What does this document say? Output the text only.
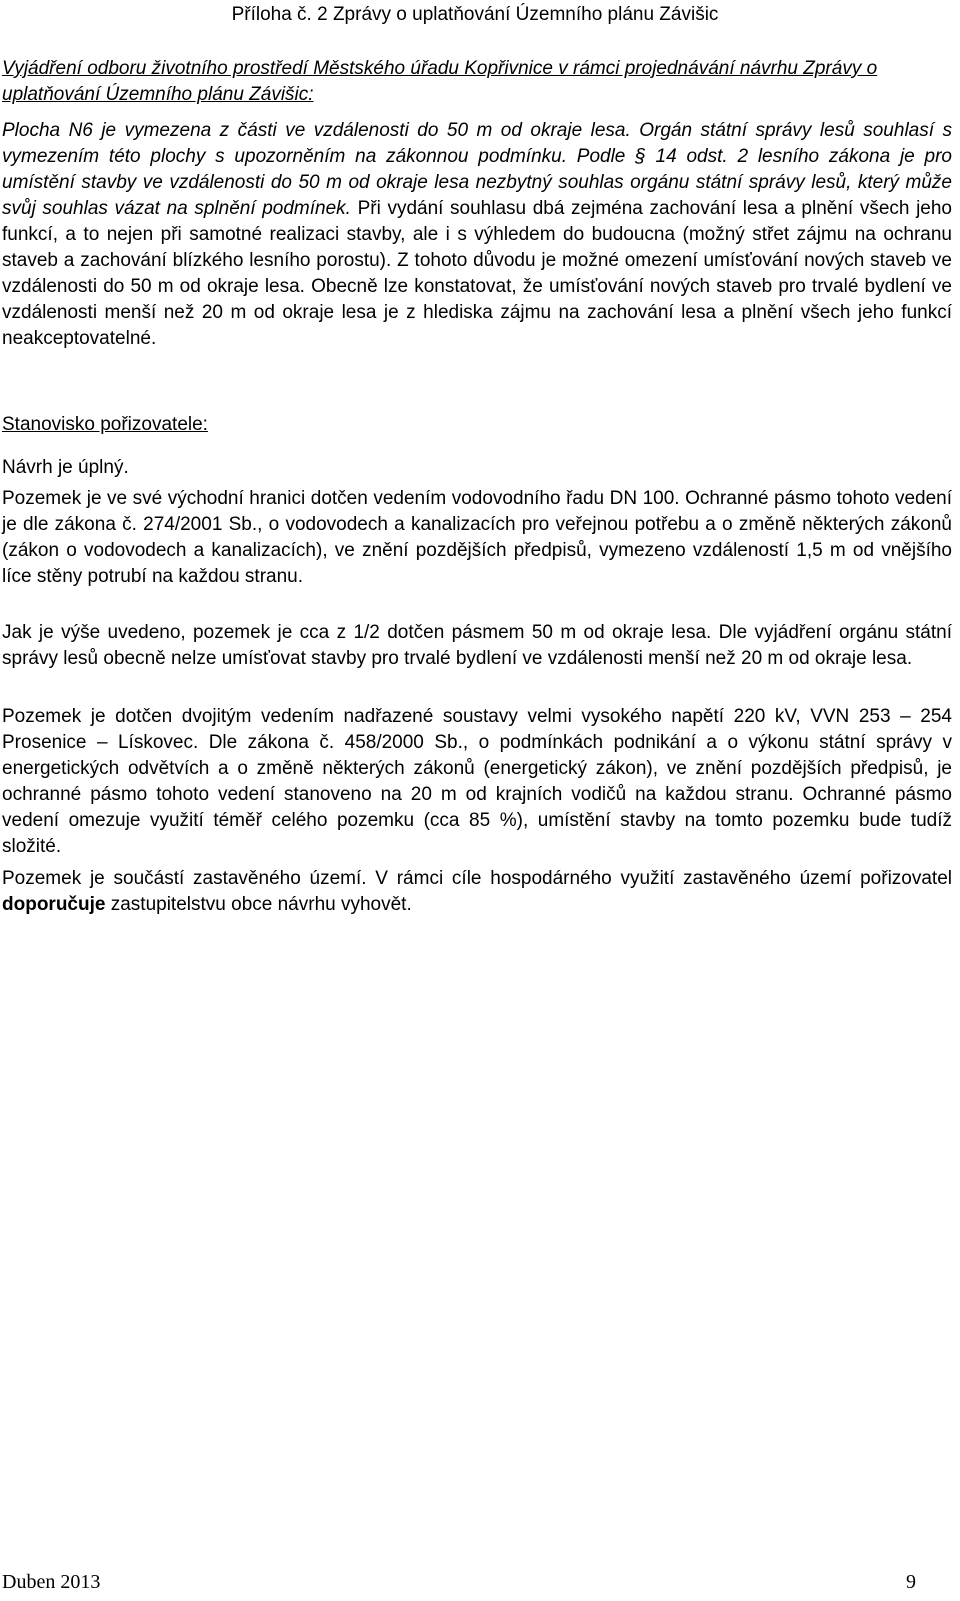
Příloha č. 2 Zprávy o uplatňování Územního plánu Závišic
Vyjádření odboru životního prostředí Městského úřadu Kopřivnice v rámci projednávání návrhu Zprávy o uplatňování Územního plánu Závišic:
Plocha N6 je vymezena z části ve vzdálenosti do 50 m od okraje lesa. Orgán státní správy lesů souhlasí s vymezením této plochy s upozorněním na zákonnou podmínku. Podle § 14 odst. 2 lesního zákona je pro umístění stavby ve vzdálenosti do 50 m od okraje lesa nezbytný souhlas orgánu státní správy lesů, který může svůj souhlas vázat na splnění podmínek. Při vydání souhlasu dbá zejména zachování lesa a plnění všech jeho funkcí, a to nejen při samotné realizaci stavby, ale i s výhledem do budoucna (možný střet zájmu na ochranu staveb a zachování blízkého lesního porostu). Z tohoto důvodu je možné omezení umísťování nových staveb ve vzdálenosti do 50 m od okraje lesa. Obecně lze konstatovat, že umísťování nových staveb pro trvalé bydlení ve vzdálenosti menší než 20 m od okraje lesa je z hlediska zájmu na zachování lesa a plnění všech jeho funkcí neakceptovatelné.
Stanovisko pořizovatele:
Návrh je úplný.
Pozemek je ve své východní hranici dotčen vedením vodovodního řadu DN 100. Ochranné pásmo tohoto vedení je dle zákona č. 274/2001 Sb., o vodovodech a kanalizacích pro veřejnou potřebu a o změně některých zákonů (zákon o vodovodech a kanalizacích), ve znění pozdějších předpisů, vymezeno vzdáleností 1,5 m od vnějšího líce stěny potrubí na každou stranu.
Jak je výše uvedeno, pozemek je cca z 1/2 dotčen pásmem 50 m od okraje lesa. Dle vyjádření orgánu státní správy lesů obecně nelze umísťovat stavby pro trvalé bydlení ve vzdálenosti menší než 20 m od okraje lesa.
Pozemek je dotčen dvojitým vedením nadřazené soustavy velmi vysokého napětí 220 kV, VVN 253 – 254 Prosenice – Lískovec. Dle zákona č. 458/2000 Sb., o podmínkách podnikání a o výkonu státní správy v energetických odvětvích a o změně některých zákonů (energetický zákon), ve znění pozdějších předpisů, je ochranné pásmo tohoto vedení stanoveno na 20 m od krajních vodičů na každou stranu. Ochranné pásmo vedení omezuje využití téměř celého pozemku (cca 85 %), umístění stavby na tomto pozemku bude tudíž složité.
Pozemek je součástí zastavěného území. V rámci cíle hospodárného využití zastavěného území pořizovatel doporučuje zastupitelstvu obce návrhu vyhovět.
Duben 2013	9
